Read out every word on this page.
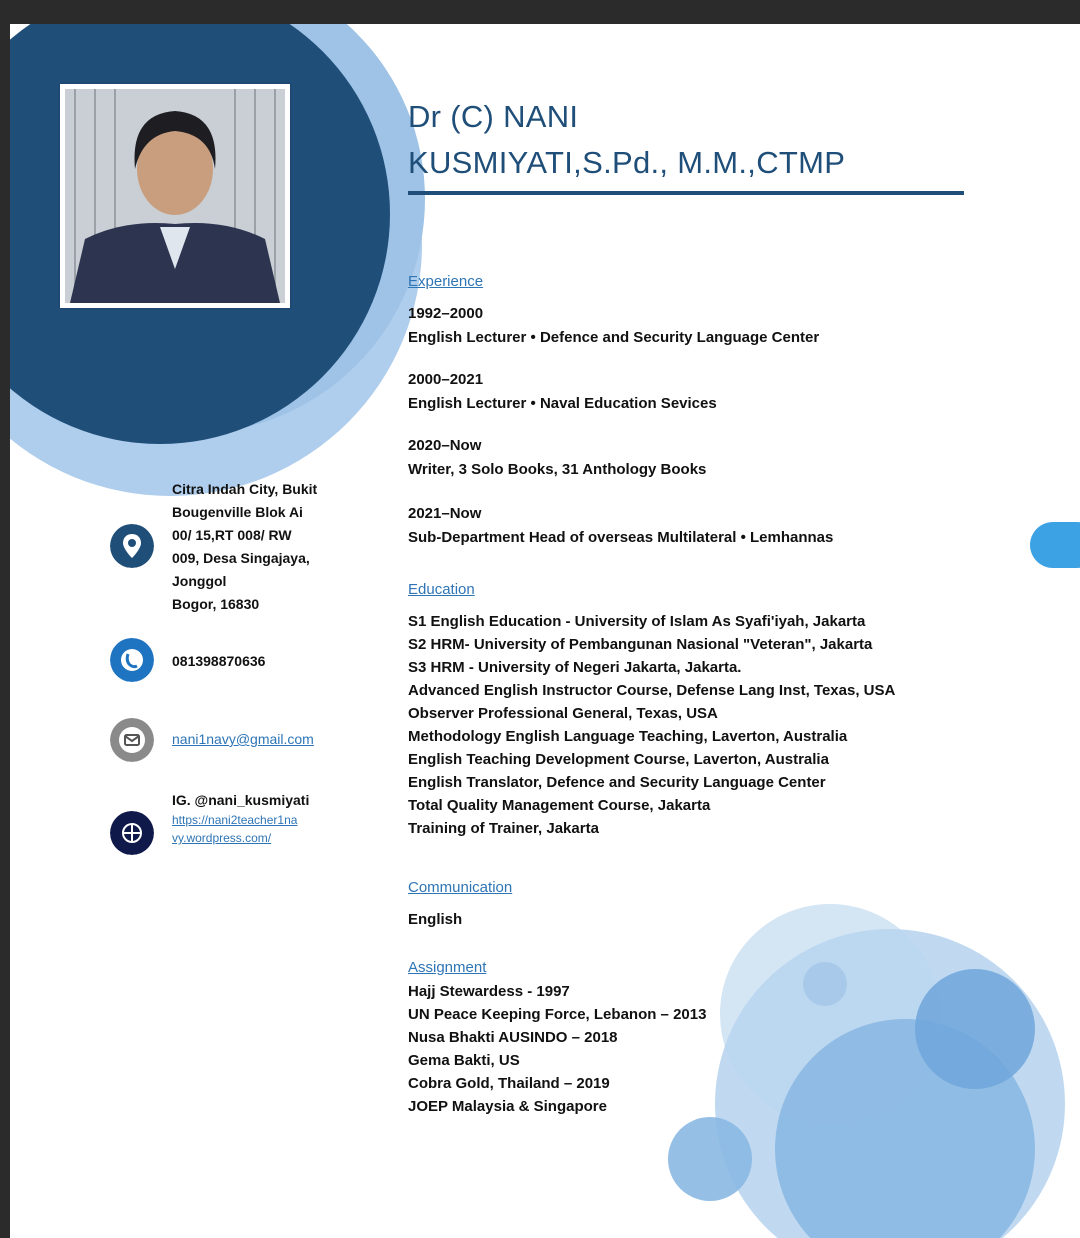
Dr (C) NANI
KUSMIYATI,S.Pd., M.M.,CTMP
Experience
1992–2000
English Lecturer • Defence and Security Language Center
2000–2021
English Lecturer • Naval Education Sevices
2020–Now
Writer, 3 Solo Books, 31 Anthology Books
2021–Now
Sub-Department Head of overseas Multilateral • Lemhannas
Education
S1 English Education - University of Islam As Syafi'iyah, Jakarta
S2 HRM- University of Pembangunan Nasional "Veteran", Jakarta
S3 HRM - University of Negeri Jakarta, Jakarta.
Advanced English Instructor Course, Defense Lang Inst, Texas, USA
Observer Professional General, Texas, USA
Methodology English Language Teaching, Laverton, Australia
English Teaching Development Course, Laverton, Australia
English Translator, Defence and Security Language Center
Total Quality Management Course, Jakarta
Training of Trainer, Jakarta
Communication
English
Assignment
Hajj Stewardess - 1997
UN Peace Keeping Force, Lebanon – 2013
Nusa Bhakti AUSINDO – 2018
Gema Bakti, US
Cobra Gold, Thailand – 2019
JOEP Malaysia & Singapore
Citra Indah City, Bukit
Bougenville Blok Ai
00/ 15,RT 008/ RW
009, Desa Singajaya,
Jonggol
Bogor, 16830
081398870636
nani1navy@gmail.com
IG. @nani_kusmiyati
https://nani2teacher1na
vy.wordpress.com/
